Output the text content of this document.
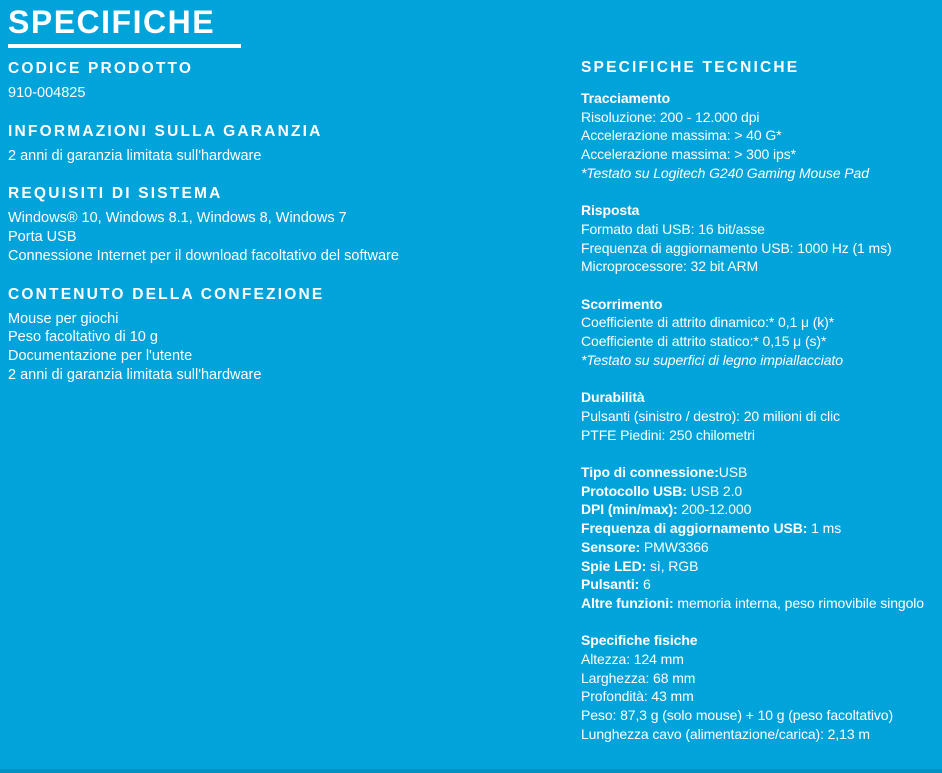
SPECIFICHE
CODICE PRODOTTO

910-004825

INFORMAZIONI SULLA GARANZIA

2 anni di garanzia limitata sull'hardware

REQUISITI DI SISTEMA

Windows® 10, Windows 8.1, Windows 8, Windows 7

Porta USB

Connessione Internet per il download facoltativo del software

CONTENUTO DELLA CONFEZIONE

Mouse per giochi

Peso facoltativo di 10 g

Documentazione per l'utente

2 anni di garanzia limitata sull'hardware

SPECIFICHE TECNICHE

Tracciamento

Risoluzione: 200 - 12.000 dpi

Accelerazione massima: > 40 G*

Accelerazione massima: > 300 ips*

*Testato su Logitech G240 Gaming Mouse Pad

Risposta

Formato dati USB: 16 bit/asse

Frequenza di aggiornamento USB: 1000 Hz (1 ms)

Microprocessore: 32 bit ARM

Scorrimento

Coefficiente di attrito dinamico:* 0,1 μ (k)*

Coefficiente di attrito statico:* 0,15 μ (s)*

*Testato su superfici di legno impiallacciato

Durabilità

Pulsanti (sinistro / destro): 20 milioni di clic

PTFE Piedini: 250 chilometri

Tipo di connessione:USB

Protocollo USB: USB 2.0

DPI (min/max): 200-12.000

Frequenza di aggiornamento USB: 1 ms

Sensore: PMW3366

Spie LED: sì, RGB

Pulsanti: 6

Altre funzioni: memoria interna, peso rimovibile singolo

Specifiche fisiche

Altezza: 124 mm

Larghezza: 68 mm

Profondità: 43 mm

Peso: 87,3 g (solo mouse) + 10 g (peso facoltativo)

Lunghezza cavo (alimentazione/carica): 2,13 m
